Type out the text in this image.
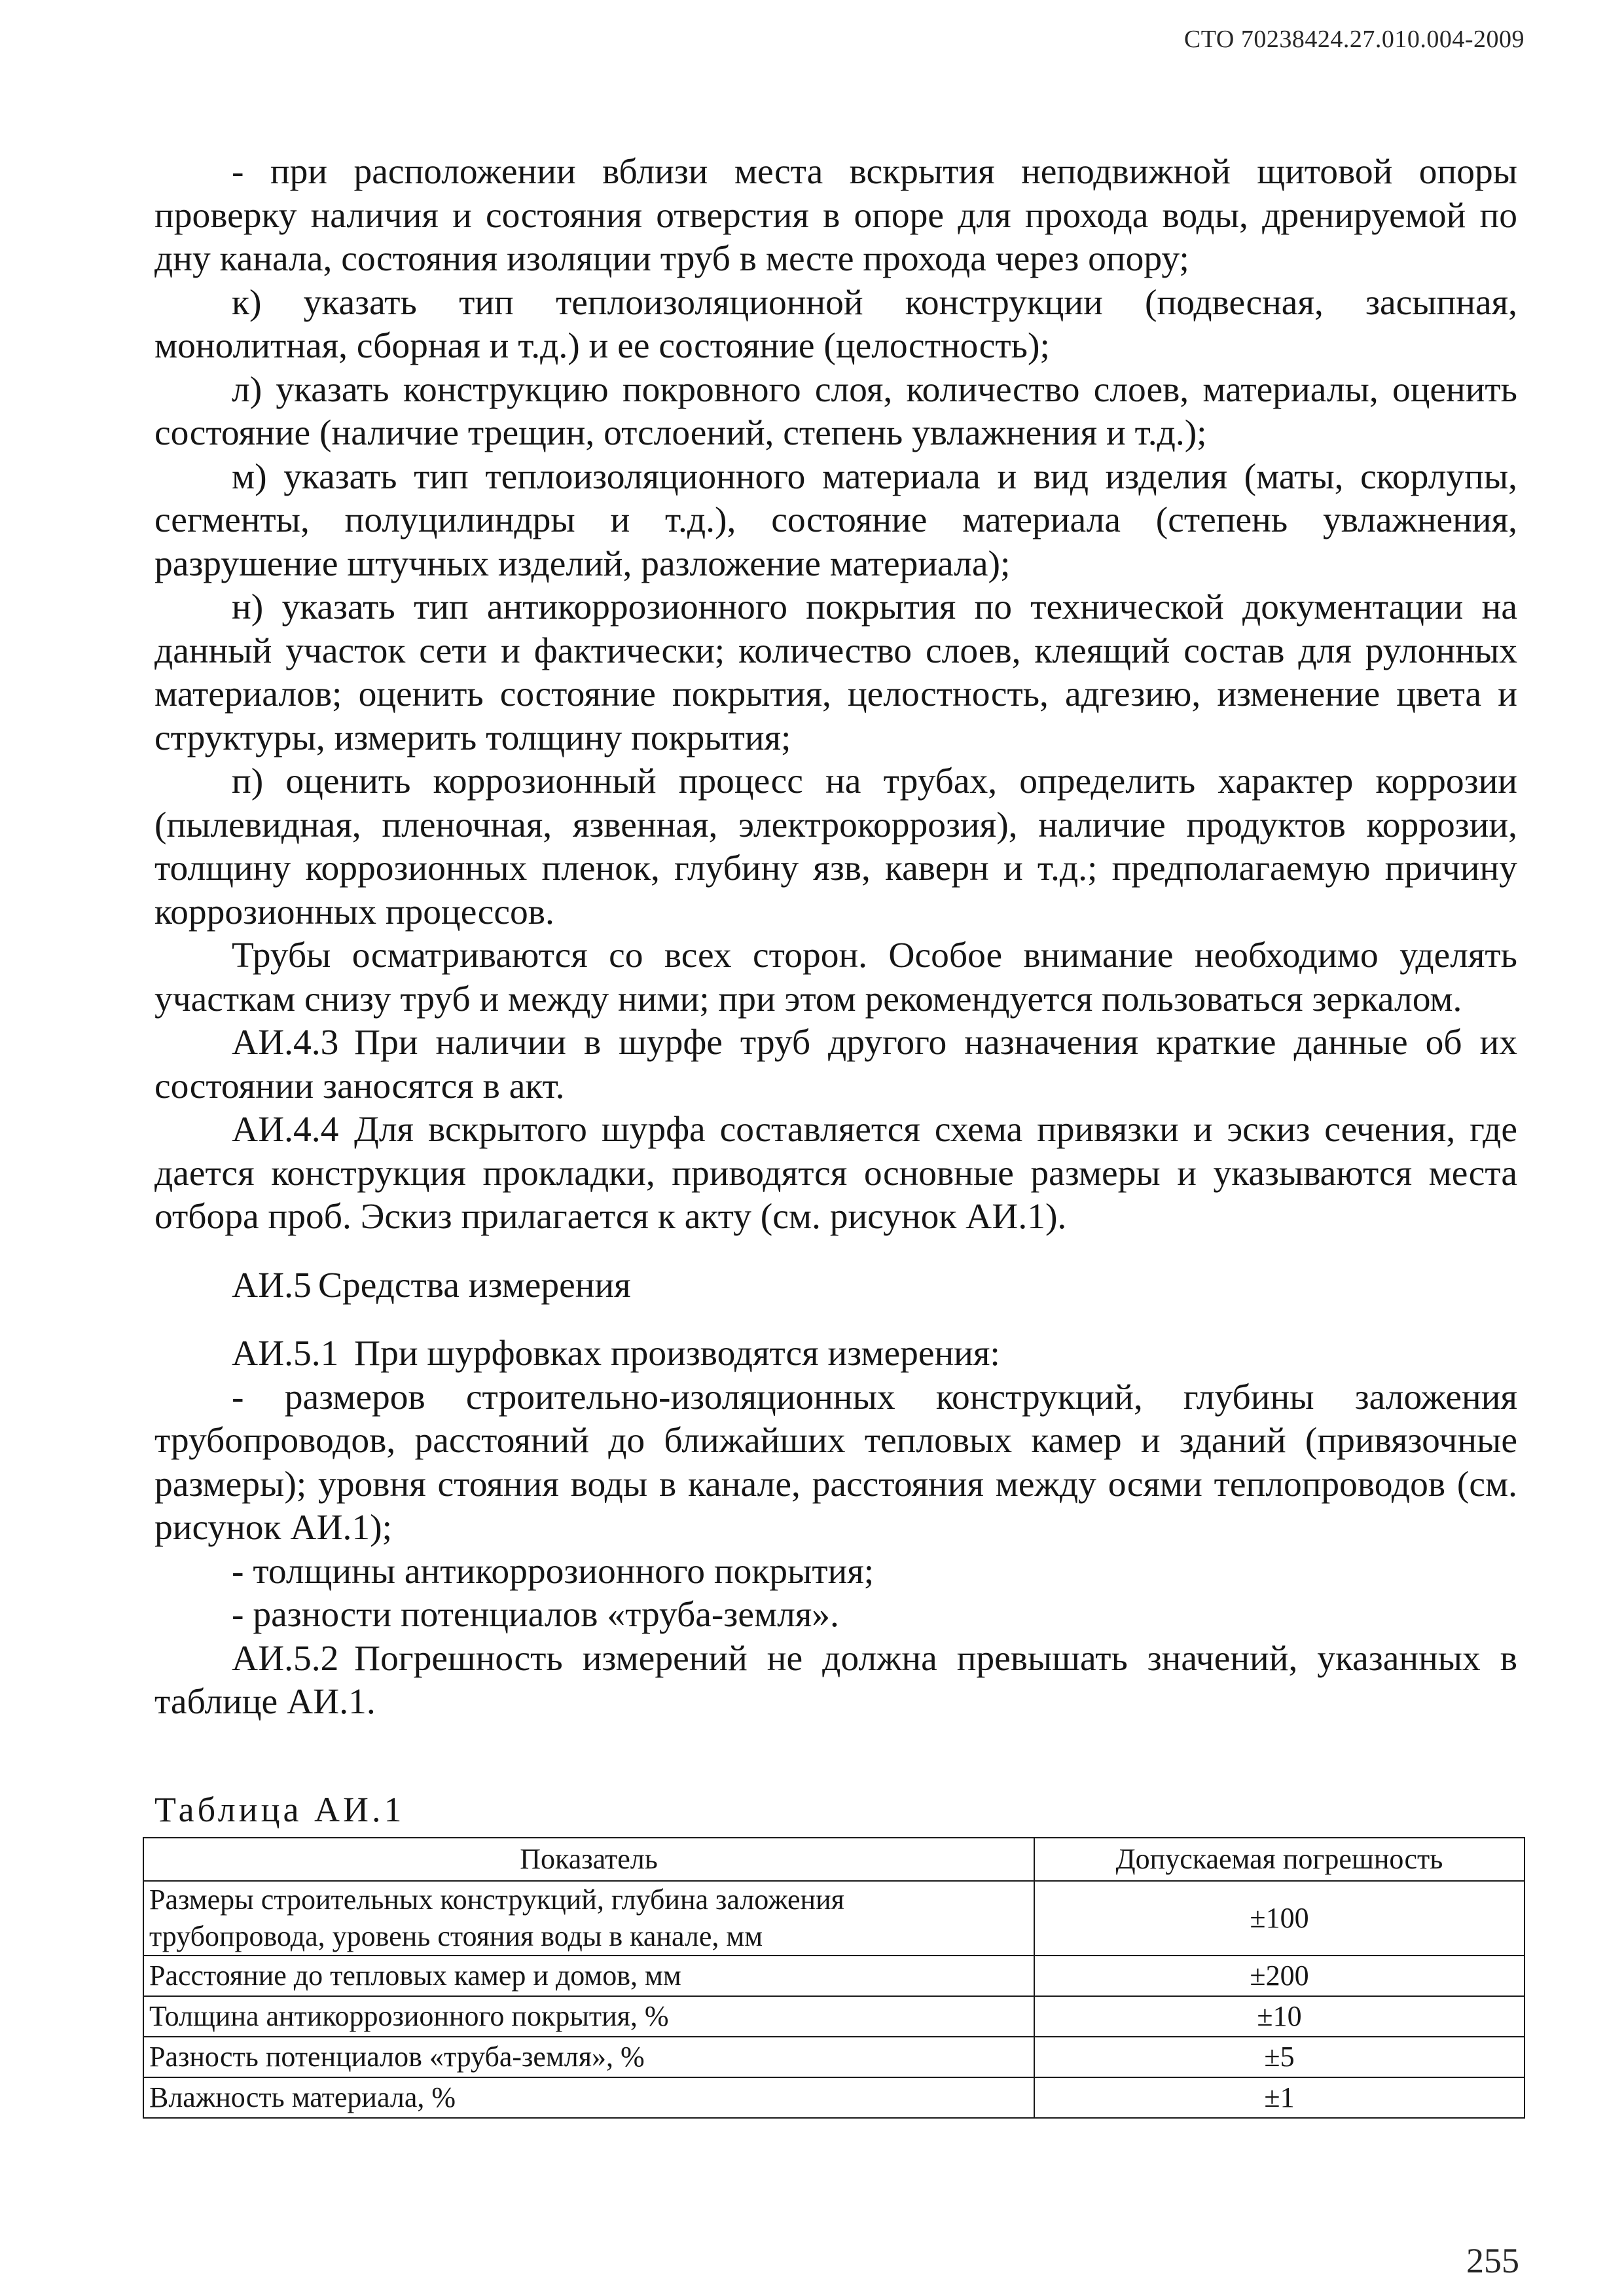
СТО 70238424.27.010.004-2009

- при расположении вблизи места вскрытия неподвижной щитовой опоры проверку наличия и состояния отверстия в опоре для прохода воды, дренируемой по дну канала, состояния изоляции труб в месте прохода через опору;

к) указать тип теплоизоляционной конструкции (подвесная, засыпная, монолитная, сборная и т.д.) и ее состояние (целостность);

л) указать конструкцию покровного слоя, количество слоев, материалы, оценить состояние (наличие трещин, отслоений, степень увлажнения и т.д.);

м) указать тип теплоизоляционного материала и вид изделия (маты, скорлупы, сегменты, полуцилиндры и т.д.), состояние материала (степень увлажнения, разрушение штучных изделий, разложение материала);

н) указать тип антикоррозионного покрытия по технической документации на данный участок сети и фактически; количество слоев, клеящий состав для рулонных материалов; оценить состояние покрытия, целостность, адгезию, изменение цвета и структуры, измерить толщину покрытия;

п) оценить коррозионный процесс на трубах, определить характер коррозии (пылевидная, пленочная, язвенная, электрокоррозия), наличие продуктов коррозии, толщину коррозионных пленок, глубину язв, каверн и т.д.; предполагаемую причину коррозионных процессов.

Трубы осматриваются со всех сторон. Особое внимание необходимо уделять участкам снизу труб и между ними; при этом рекомендуется пользоваться зеркалом.

АИ.4.3 При наличии в шурфе труб другого назначения краткие данные об их состоянии заносятся в акт.

АИ.4.4 Для вскрытого шурфа составляется схема привязки и эскиз сечения, где дается конструкция прокладки, приводятся основные размеры и указываются места отбора проб. Эскиз прилагается к акту (см. рисунок АИ.1).

АИ.5 Средства измерения

АИ.5.1 При шурфовках производятся измерения:

- размеров строительно-изоляционных конструкций, глубины заложения трубопроводов, расстояний до ближайших тепловых камер и зданий (привязочные размеры); уровня стояния воды в канале, расстояния между осями теплопроводов (см. рисунок АИ.1);

- толщины антикоррозионного покрытия;

- разности потенциалов «труба-земля».

АИ.5.2 Погрешность измерений не должна превышать значений, указанных в таблице АИ.1.

Таблица АИ.1
Показатель	Допускаемая погрешность
Размеры строительных конструкций, глубина заложения
трубопровода, уровень стояния воды в канале, мм	±100
Расстояние до тепловых камер и домов, мм	±200
Толщина антикоррозионного покрытия, %	±10
Разность потенциалов «труба-земля», %	±5
Влажность материала, %	±1
255
